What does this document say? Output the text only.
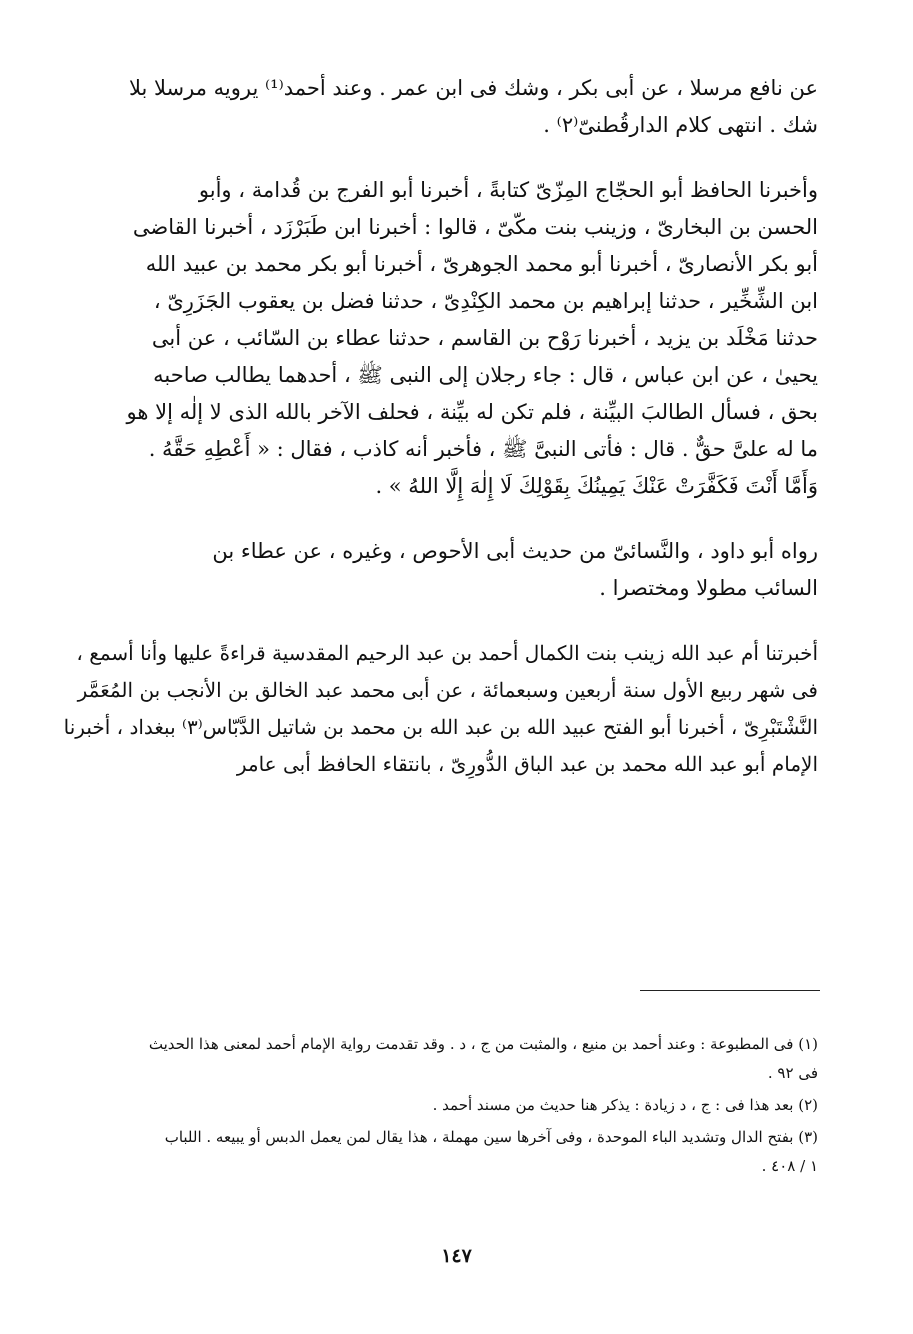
عن نافع مرسلا ، عن أبى بكر ، وشك فى ابن عمر . وعند أحمد⁽¹⁾ يرويه مرسلا بلا
شك . انتهى كلام الدارقُطنىّ⁽٢⁾ .

وأخبرنا الحافظ أبو الحجّاج المِزّىّ كتابةً ، أخبرنا أبو الفرج بن قُدامة ، وأبو
الحسن بن البخارىّ ، وزينب بنت مكّىّ ، قالوا : أخبرنا ابن طَبَرْزَد ، أخبرنا القاضى
أبو بكر الأنصارىّ ، أخبرنا أبو محمد الجوهرىّ ، أخبرنا أبو بكر محمد بن عبيد الله
ابن الشِّخِّير ، حدثنا إبراهيم بن محمد الكِنْدِىّ ، حدثنا فضل بن يعقوب الجَزَرِىّ ،
حدثنا مَخْلَد بن يزيد ، أخبرنا رَوْح بن القاسم ، حدثنا عطاء بن السّائب ، عن أبى
يحيىٰ ، عن ابن عباس ، قال : جاء رجلان إلى النبى ﷺ ، أحدهما يطالب صاحبه
بحق ، فسأل الطالبَ البيِّنة ، فلم تكن له بيِّنة ، فحلف الآخر بالله الذى لا إلٰه إلا هو
ما له علىَّ حقٌّ . قال : فأتى النبىَّ ﷺ ، فأخبر أنه كاذب ، فقال : « أَعْطِهِ حَقَّهُ .
وَأَمَّا أَنْتَ فَكَفَّرَتْ عَنْكَ يَمِينُكَ بِقَوْلِكَ لَا إِلٰهَ إِلَّا اللهُ » .

رواه أبو داود ، والنَّسائىّ من حديث أبى الأحوص ، وغيره ، عن عطاء بن
السائب مطولا ومختصرا .

أخبرتنا أم عبد الله زينب بنت الكمال أحمد بن عبد الرحيم المقدسية قراءةً عليها وأنا أسمع ،
فى شهر ربيع الأول سنة أربعين وسبعمائة ، عن أبى محمد عبد الخالق بن الأنجب بن المُعَمَّر
النَّشْتَبْرِىّ ، أخبرنا أبو الفتح عبيد الله بن عبد الله بن محمد بن شاتيل الدَّبّاس⁽٣⁾ ببغداد ، أخبرنا
الإمام أبو عبد الله محمد بن عبد الباق الدُّورِىّ ، بانتقاء الحافظ أبى عامر

(١) فى المطبوعة : وعند أحمد بن منيع ، والمثبت من ج ، د . وقد تقدمت رواية الإمام أحمد لمعنى هذا الحديث
فى ٩٢ .

(٢) بعد هذا فى : ج ، د زيادة : يذكر هنا حديث من مسند أحمد .

(٣) بفتح الدال وتشديد الباء الموحدة ، وفى آخرها سين مهملة ، هذا يقال لمن يعمل الدبس أو يبيعه . اللباب
١ / ٤٠٨ .

١٤٧
